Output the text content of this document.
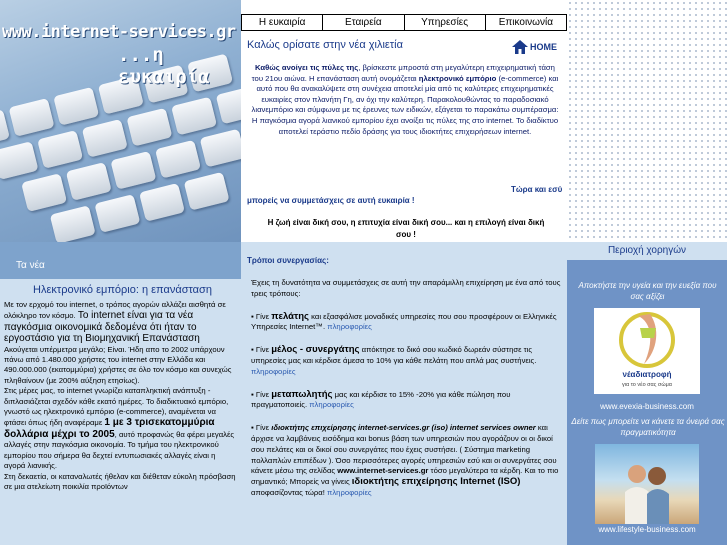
www.internet-services.gr
...η ευκαιρία
Η ευκαιρία	Εταιρεία	Υπηρεσίες	Επικοινωνία
Καλώς ορίσατε στην νέα χιλιετία
Καθώς ανοίγει τις πύλες της, βρίσκεστε μπροστά στη μεγαλύτερη επιχειρηματική τάση του 21ου αιώνα. Η επανάσταση αυτή ονομάζεται ηλεκτρονικό εμπόριο (e-commerce) και αυτό που θα ανακαλύψετε στη συνέχεια αποτελεί μία από τις καλύτερες επιχειρηματικές ευκαιρίες στον πλανήτη Γη, αν όχι την καλύτερη. Παρακολουθώντας το παραδοσιακό λιανεμπόριο και σύμφωνα με τις έρευνες των ειδικών, εξάγεται το παρακάτω συμπέρασμα: Η παγκόσμια αγορά λιανικού εμπορίου έχει ανοίξει τις πύλες της στο internet. Το διαδίκτυο αποτελεί τεράστιο πεδίο δράσης για τους ιδιοκτήτες επιχειρήσεων internet.
Τώρα και εσύ
μπορείς να συμμετάσχεις σε αυτή ευκαιρία !
Η ζωή είναι δική σου, η επιτυχία είναι δική σου... και η επιλογή είναι δική σου !
HOME
Τα νέα
Ηλεκτρονικό εμπόριο: η επανάσταση
Με τον ερχομό του internet, ο τρόπος αγορών αλλάζει αισθητά σε ολόκληρο τον κόσμο. Το internet είναι για τα νέα παγκόσμια οικονομικά δεδομένα ότι ήταν το εργοστάσιο για τη Βιομηχανική Επανάσταση
Ακούγεται υπέρμετρα μεγάλο; Είναι. Ήδη απο το 2002 υπάρχουν πάνω από 1.480.000 χρήστες του internet στην Ελλάδα και 490.000.000 (εκατομμύρια) χρήστες σε όλο τον κόσμο και συνεχώς πληθαίνουν (με 200% αύξηση ετησίως).
Στις μέρες μας, το internet γνωρίζει καταπληκτική ανάπτυξη - διπλασιάζεται σχεδόν κάθε εκατό ημέρες. Το διαδικτυακό εμπόριο, γνωστό ως ηλεκτρονικό εμπόριο (e-commerce), αναμένεται να φτάσει όπως ήδη αναφέραμε 1 με 3 τρισεκατομμύρια δολλάρια μέχρι το 2005, αυτό προφανώς θα φέρει μεγαλές αλλαγές στην παγκόσμια οικονομία. Το τμήμα του ηλεκτρονικού εμπορίου που σήμερα θα δεχτεί εντυπωσιακές αλλαγές είναι η αγορά λιανικής.
Στη δεκαετία, οι καταναλωτές ήθελαν και διέθεταν εύκολη πρόσβαση σε μια ατελείωτη ποικιλία προϊόντων
Τρόποι συνεργασίας:

Έχεις τη δυνατότητα να συμμετάσχεις σε αυτή την απαράμιλλη επιχείρηση με ένα από τους τρεις τρόπους:

▪ Γίνε πελάτης και εξασφάλισε μοναδικές υπηρεσίες που σου προσφέρουν οι Ελληνικές Υπηρεσίες Internet™. πληροφορίες

▪ Γίνε μέλος - συνεργάτης απόκτησε το δικό σου κωδικό δωρεάν σύστησε τις υπηρεσίες μας και κέρδισε άμεσα το 10% για κάθε πελάτη που απλά μας συστήνεις. πληροφορίες

▪ Γίνε μεταπωλητής μας και κέρδισε το 15% -20% για κάθε πώληση που πραγματοποιείς. πληροφορίες

▪ Γίνε ιδιοκτήτης επιχείρησης internet-services.gr (iso) internet services owner και άρχισε να λαμβάνεις εισόδημα και bonus βάση των υπηρεσιών που αγοράζουν οι οι δικοί σου πελάτες και οι δικοί σου συνεργάτες που έχεις συστήσει. ( Σύστημα marketing πολλαπλών επιπέδων ). Όσο περισσότερες αγορές υπηρεσιών εσύ και οι συνεργάτες σου κάνετε μέσω της σελίδας www.internet-services.gr τόσο μεγαλύτερα τα κέρδη. Και το πιο σημαντικό; Μπορείς να γίνεις ιδιοκτήτης επιχείρησης Internet (ISO) αποφασίζοντας τώρα! πληροφορίες

Αποκτήστε την υγεία και την ευεξία που σας αξίζει
νέαδιατροφή
για το νέο σας σώμα
www.evexia-business.com
Δείτε πως μπορείτε να κάνετε τα όνειρά σας πραγματικότητα
www.lifestyle-business.com
Περιοχή χορηγών
